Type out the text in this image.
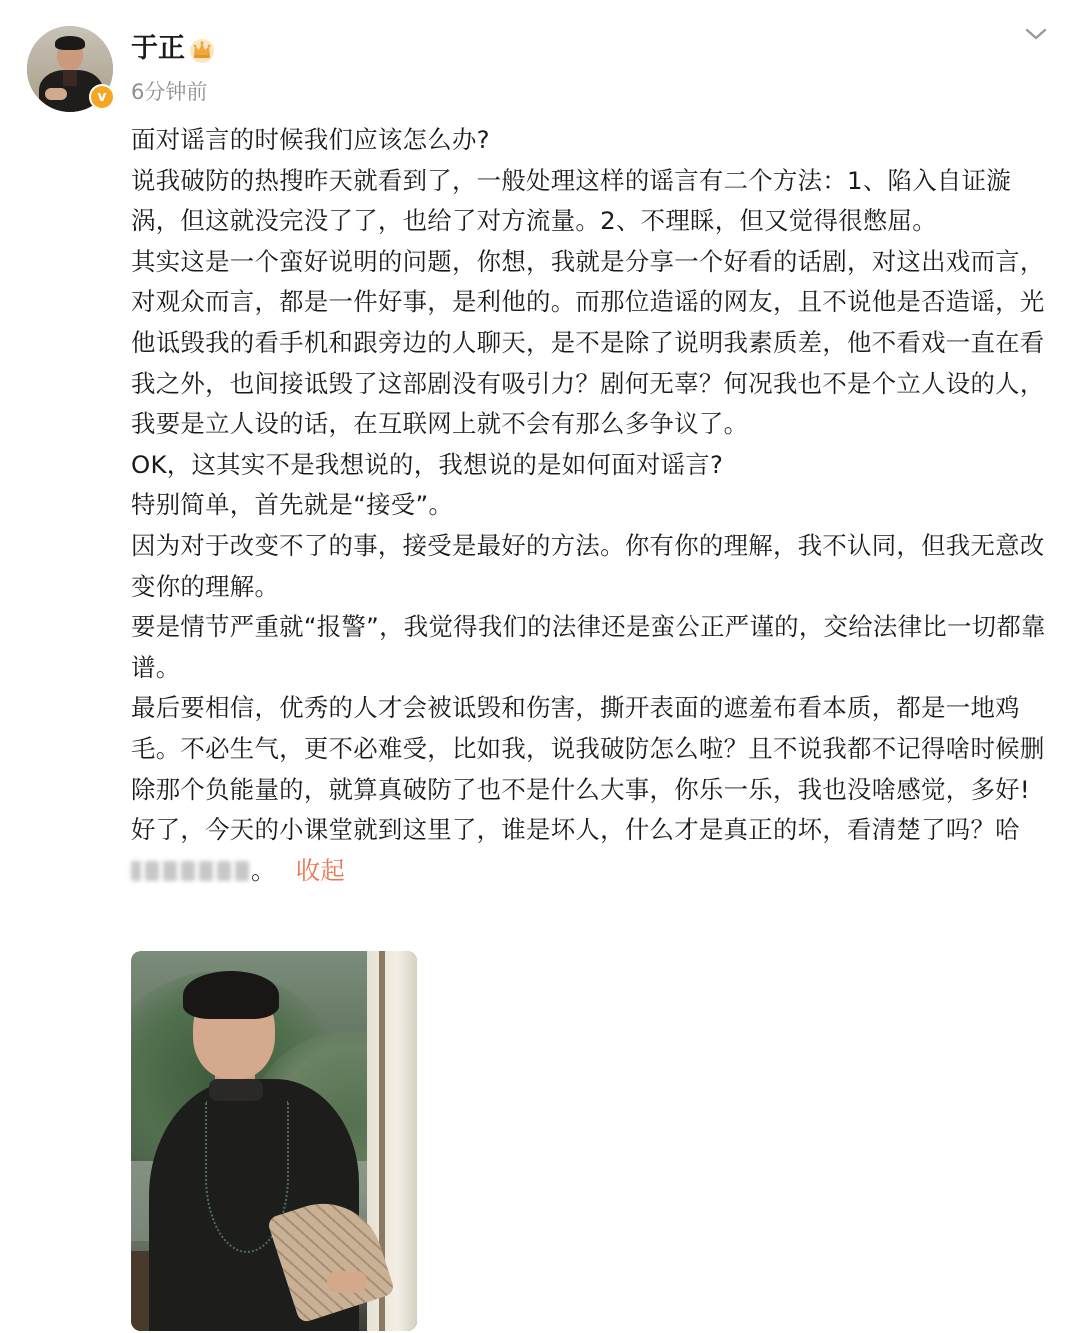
v
于正
6分钟前

面对谣言的时候我们应该怎么办?

说我破防的热搜昨天就看到了，一般处理这样的谣言有二个方法：1、陷入自证漩涡，但这就没完没了了，也给了对方流量。2、不理睬，但又觉得很憋屈。

其实这是一个蛮好说明的问题，你想，我就是分享一个好看的话剧，对这出戏而言，对观众而言，都是一件好事，是利他的。而那位造谣的网友，且不说他是否造谣，光他诋毁我的看手机和跟旁边的人聊天，是不是除了说明我素质差，他不看戏一直在看我之外，也间接诋毁了这部剧没有吸引力？剧何无辜？何况我也不是个立人设的人，我要是立人设的话，在互联网上就不会有那么多争议了。

OK，这其实不是我想说的，我想说的是如何面对谣言?

特别简单，首先就是“接受”。

因为对于改变不了的事，接受是最好的方法。你有你的理解，我不认同，但我无意改变你的理解。

要是情节严重就“报警”，我觉得我们的法律还是蛮公正严谨的，交给法律比一切都靠谱。

最后要相信，优秀的人才会被诋毁和伤害，撕开表面的遮羞布看本质，都是一地鸡毛。不必生气，更不必难受，比如我，说我破防怎么啦？且不说我都不记得啥时候删除那个负能量的，就算真破防了也不是什么大事，你乐一乐，我也没啥感觉，多好!

好了，今天的小课堂就到这里了，谁是坏人，什么才是真正的坏，看清楚了吗？哈

。 收起
